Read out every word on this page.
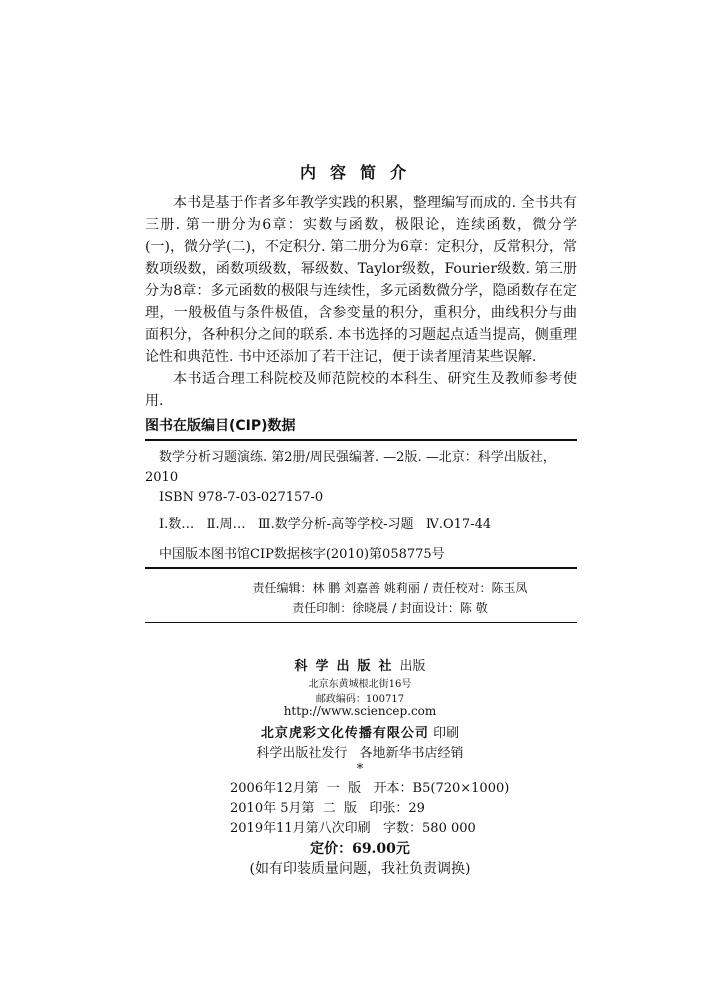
内容简介

本书是基于作者多年教学实践的积累，整理编写而成的. 全书共有三册. 第一册分为6章：实数与函数，极限论，连续函数，微分学(一)，微分学(二)，不定积分. 第二册分为6章：定积分，反常积分，常数项级数，函数项级数，幂级数、Taylor级数，Fourier级数. 第三册分为8章：多元函数的极限与连续性，多元函数微分学，隐函数存在定理，一般极值与条件极值，含参变量的积分，重积分，曲线积分与曲面积分，各种积分之间的联系. 本书选择的习题起点适当提高，侧重理论性和典范性. 书中还添加了若干注记，便于读者厘清某些误解.

本书适合理工科院校及师范院校的本科生、研究生及教师参考使用.

图书在版编目(CIP)数据

数学分析习题演练. 第2册/周民强编著. —2版. —北京：科学出版社，

2010

ISBN 978-7-03-027157-0

Ⅰ.数…   Ⅱ.周…   Ⅲ.数学分析-高等学校-习题   Ⅳ.O17-44
中国版本图书馆CIP数据核字(2010)第058775号
责任编辑：林 鹏 刘嘉善 姚莉丽 / 责任校对：陈玉凤
责任印制：徐晓晨 / 封面设计：陈 敬
科学出版社出版
北京东黄城根北街16号
邮政编码：100717
http://www.sciencep.com
北京虎彩文化传播有限公司 印刷
科学出版社发行 各地新华书店经销
*
2006年12月第  一  版   开本：B5(720×1000)
2010年 5月第  二  版   印张：29
2019年11月第八次印刷   字数：580 000
定价：69.00元
(如有印装质量问题，我社负责调换)
